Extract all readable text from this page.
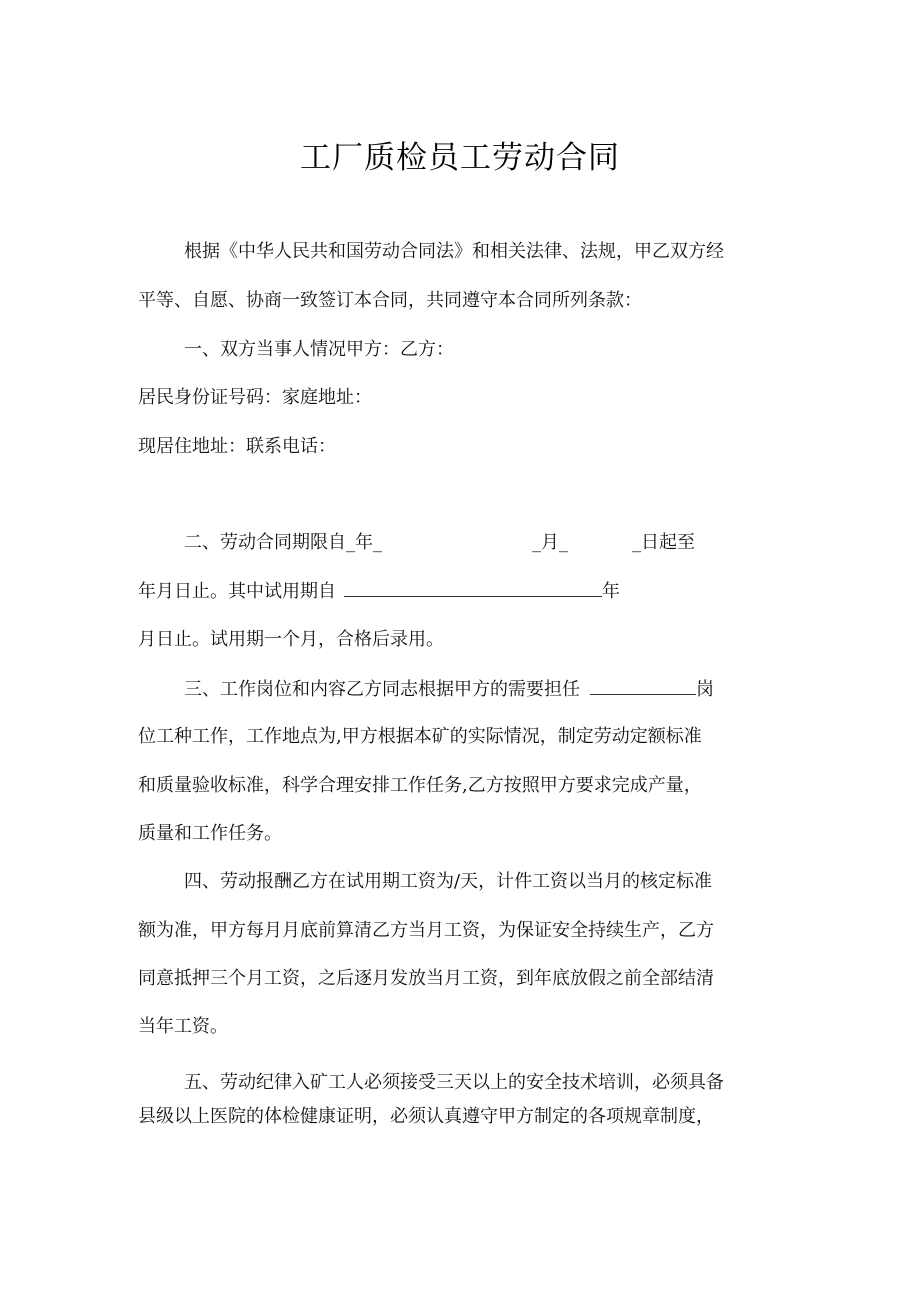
工厂质检员工劳动合同
根据《中华人民共和国劳动合同法》和相关法律、法规，甲乙双方经
平等、自愿、协商一致签订本合同，共同遵守本合同所列条款：
一、双方当事人情况甲方：乙方：
居民身份证号码：家庭地址：
现居住地址：联系电话：
二、劳动合同期限自_年_	_月_	_日起至
年月日止。其中试用期自	年
月日止。试用期一个月，合格后录用。
三、工作岗位和内容乙方同志根据甲方的需要担任	岗
位工种工作，工作地点为,甲方根据本矿的实际情况，制定劳动定额标准
和质量验收标准，科学合理安排工作任务,乙方按照甲方要求完成产量，
质量和工作任务。
四、劳动报酬乙方在试用期工资为/天，计件工资以当月的核定标准
额为准，甲方每月月底前算清乙方当月工资，为保证安全持续生产，乙方
同意抵押三个月工资，之后逐月发放当月工资，到年底放假之前全部结清
当年工资。
五、劳动纪律入矿工人必须接受三天以上的安全技术培训，必须具备
县级以上医院的体检健康证明，必须认真遵守甲方制定的各项规章制度，
